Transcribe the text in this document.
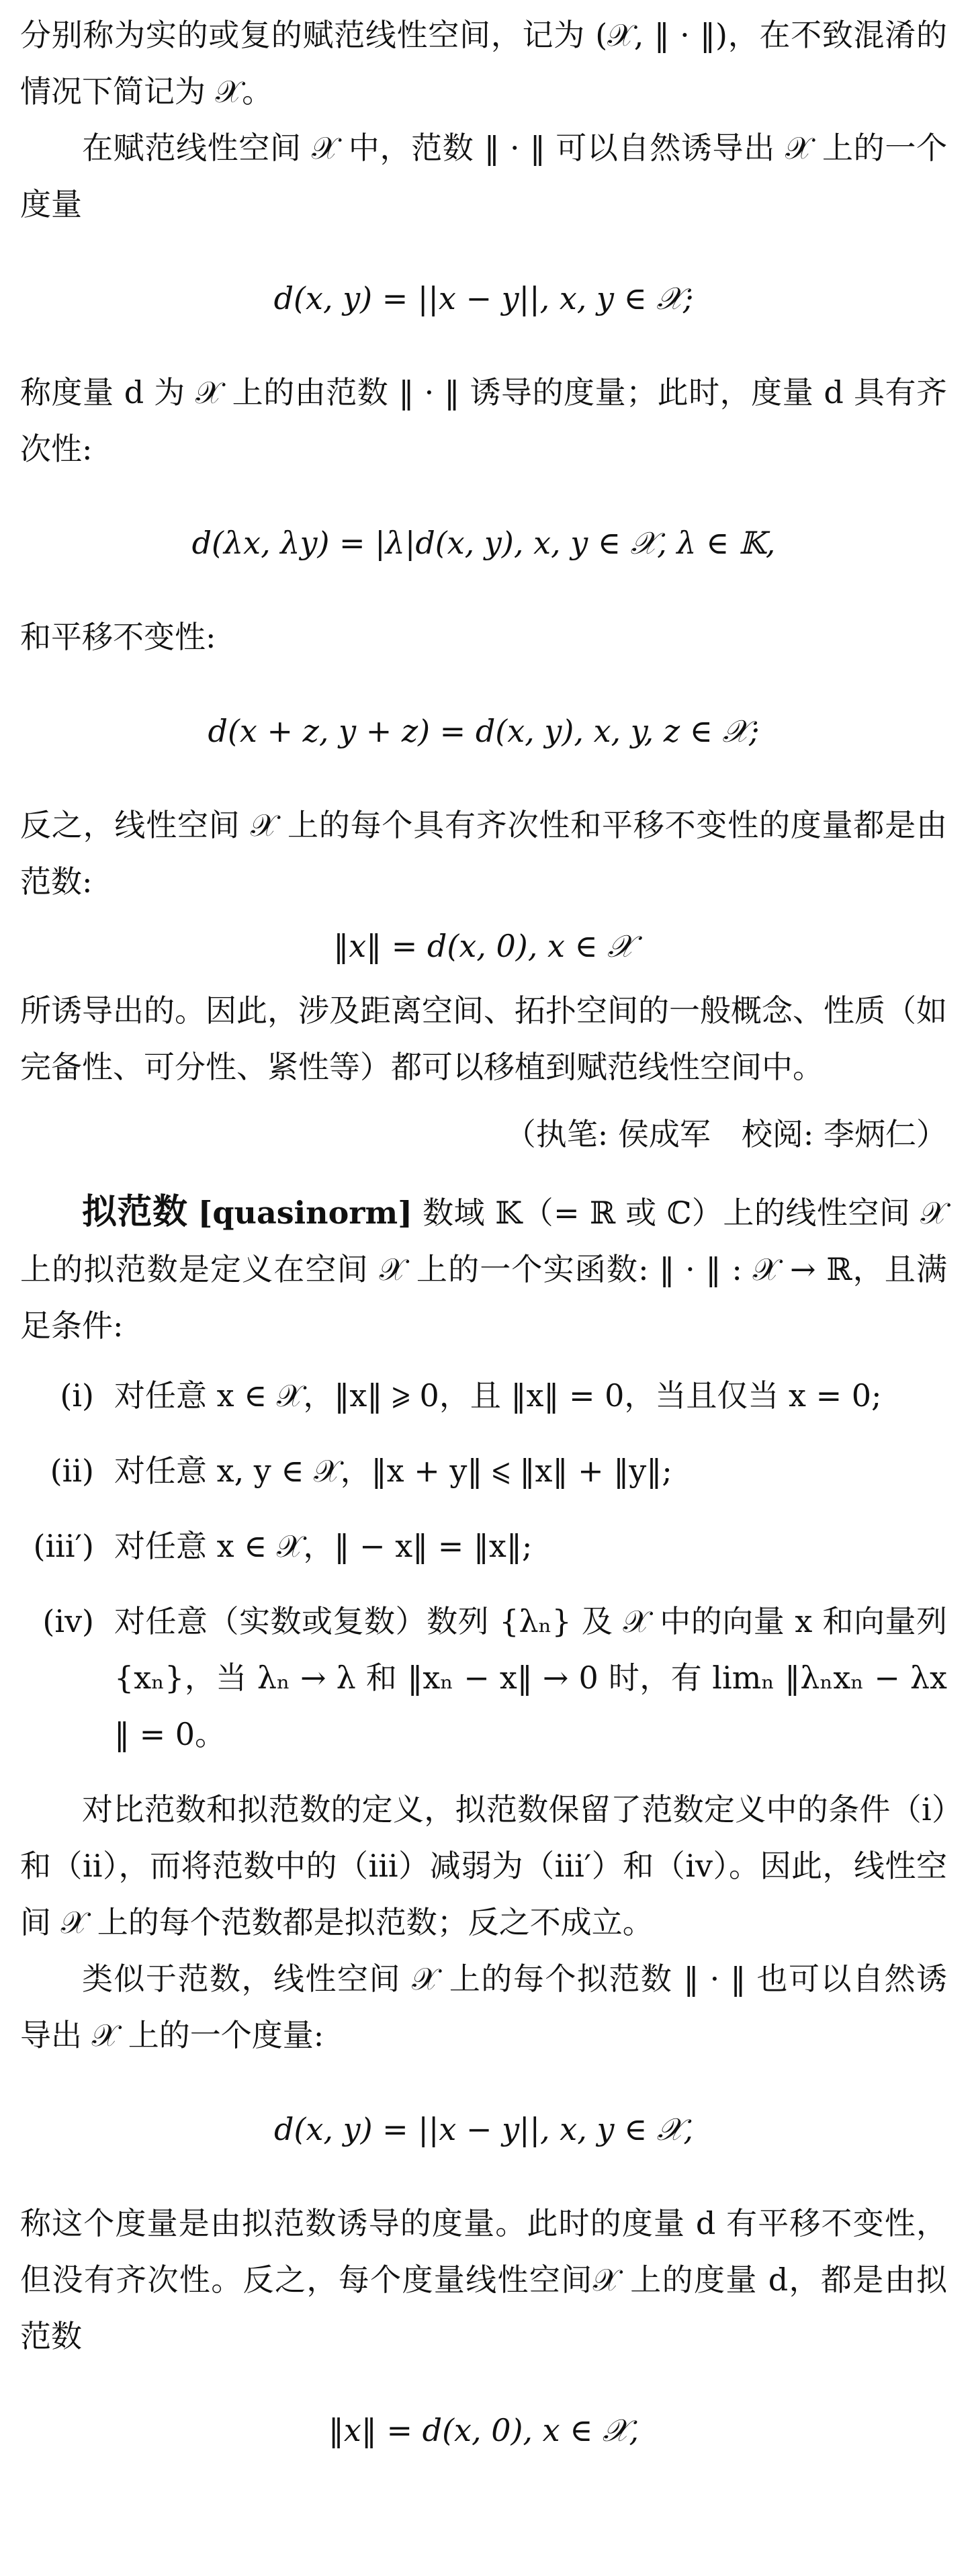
分别称为实的或复的赋范线性空间，记为 (𝒳, ‖ · ‖)，在不致混淆的情况下简记为 𝒳。

在赋范线性空间 𝒳 中，范数 ‖ · ‖ 可以自然诱导出 𝒳 上的一个度量

d(x, y) = ||x − y||, x, y ∈ 𝒳;

称度量 d 为 𝒳 上的由范数 ‖ · ‖ 诱导的度量；此时，度量 d 具有齐次性:

d(λx, λy) = |λ|d(x, y), x, y ∈ 𝒳, λ ∈ 𝕂,

和平移不变性:

d(x + z, y + z) = d(x, y), x, y, z ∈ 𝒳;

反之，线性空间 𝒳 上的每个具有齐次性和平移不变性的度量都是由范数:

‖x‖ = d(x, 0), x ∈ 𝒳

所诱导出的。因此，涉及距离空间、拓扑空间的一般概念、性质（如完备性、可分性、紧性等）都可以移植到赋范线性空间中。

（执笔: 侯成军　校阅: 李炳仁）

拟范数 [quasinorm] 数域 𝕂（= ℝ 或 ℂ）上的线性空间 𝒳 上的拟范数是定义在空间 𝒳 上的一个实函数: ‖ · ‖ : 𝒳 → ℝ，且满足条件:

(i) 对任意 x ∈ 𝒳，‖x‖ ⩾ 0，且 ‖x‖ = 0，当且仅当 x = 0;
(ii) 对任意 x, y ∈ 𝒳，‖x + y‖ ⩽ ‖x‖ + ‖y‖;
(iii′) 对任意 x ∈ 𝒳，‖ − x‖ = ‖x‖;
(iv) 对任意（实数或复数）数列 {λₙ} 及 𝒳 中的向量 x 和向量列 {xₙ}，当 λₙ → λ 和 ‖xₙ − x‖ → 0 时，有 limₙ ‖λₙxₙ − λx‖ = 0。

对比范数和拟范数的定义，拟范数保留了范数定义中的条件（i）和（ii），而将范数中的（iii）减弱为（iii′）和（iv）。因此，线性空间 𝒳 上的每个范数都是拟范数；反之不成立。

类似于范数，线性空间 𝒳 上的每个拟范数 ‖ · ‖ 也可以自然诱导出 𝒳 上的一个度量:

d(x, y) = ||x − y||, x, y ∈ 𝒳,

称这个度量是由拟范数诱导的度量。此时的度量 d 有平移不变性，但没有齐次性。反之，每个度量线性空间𝒳 上的度量 d，都是由拟范数

‖x‖ = d(x, 0), x ∈ 𝒳,
